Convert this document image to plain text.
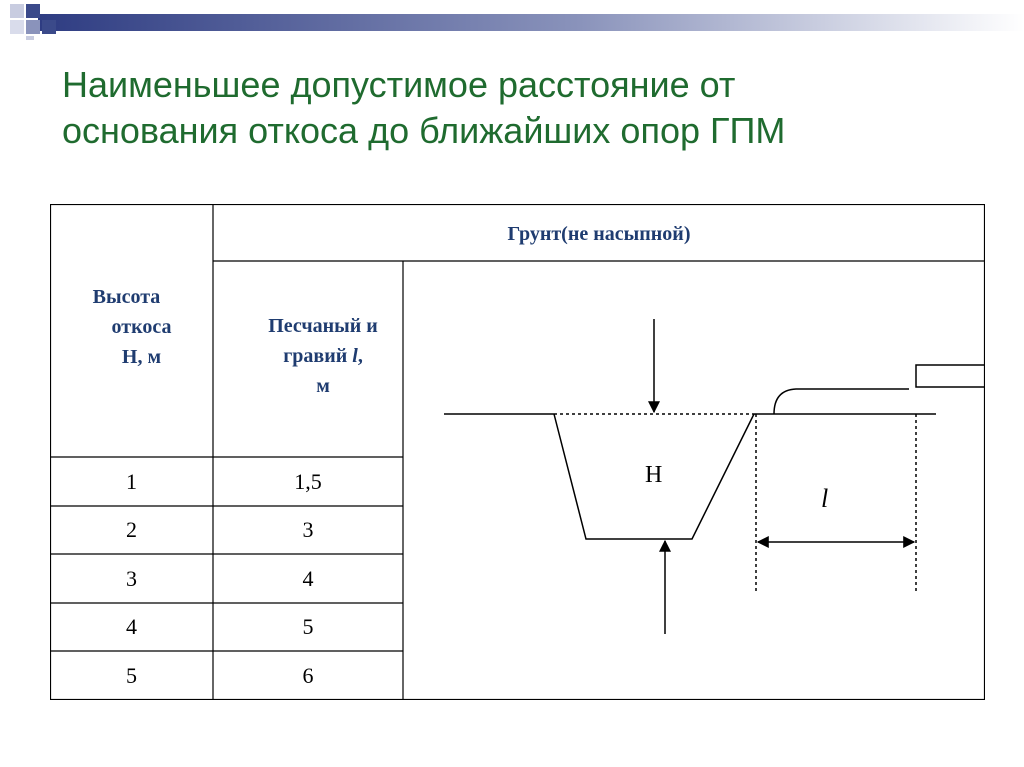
Наименьшее допустимое расстояние от
основания откоса до ближайших опор ГПМ
Грунт(не насыпной)
Высота
откоса
H, м
Песчаный и
гравий l,
м
1	1,5
2	3
3	4
4	5
5	6
H
l
